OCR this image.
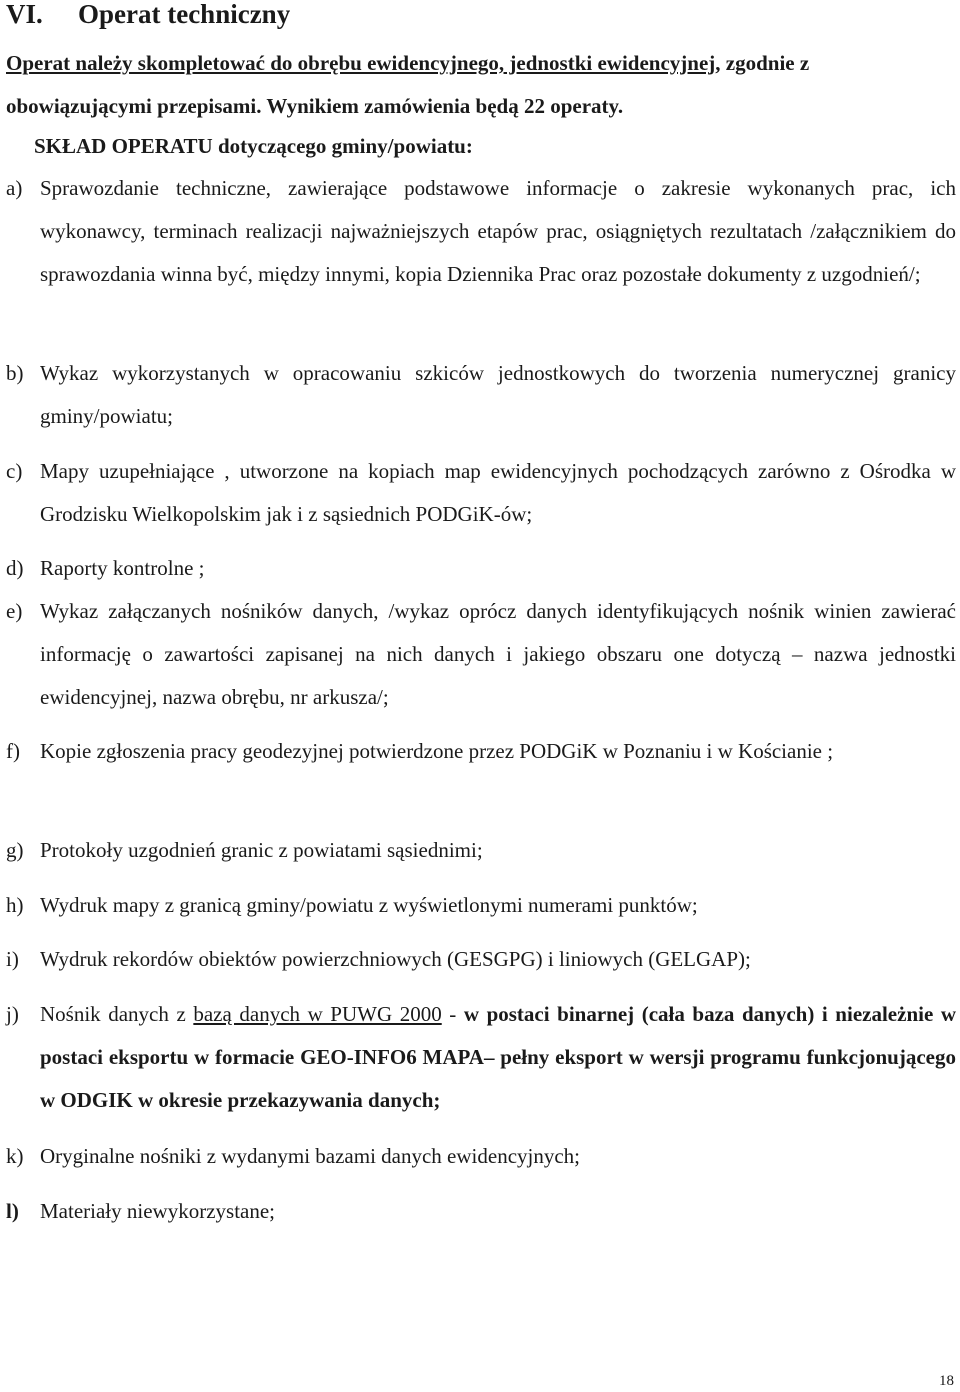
VI. Operat techniczny

Operat należy skompletować do obrębu ewidencyjnego, jednostki ewidencyjnej, zgodnie z obowiązującymi przepisami. Wynikiem zamówienia będą 22 operaty.

SKŁAD OPERATU dotyczącego gminy/powiatu:

a) Sprawozdanie techniczne, zawierające podstawowe informacje o zakresie wykonanych prac, ich wykonawcy, terminach realizacji najważniejszych etapów prac, osiągniętych rezultatach /załącznikiem do sprawozdania winna być, między innymi, kopia Dziennika Prac oraz pozostałe dokumenty z uzgodnień/;
b) Wykaz wykorzystanych w opracowaniu szkiców jednostkowych do tworzenia numerycznej granicy gminy/powiatu;
c) Mapy uzupełniające , utworzone na kopiach map ewidencyjnych pochodzących zarówno z Ośrodka w Grodzisku Wielkopolskim jak i z sąsiednich PODGiK-ów;
d) Raporty kontrolne ;
e) Wykaz załączanych nośników danych, /wykaz oprócz danych identyfikujących nośnik winien zawierać informację o zawartości zapisanej na nich danych i jakiego obszaru one dotyczą – nazwa jednostki ewidencyjnej, nazwa obrębu, nr arkusza/;
f) Kopie zgłoszenia pracy geodezyjnej potwierdzone przez PODGiK w Poznaniu i w Kościanie ;
g) Protokoły uzgodnień granic z powiatami sąsiednimi;
h) Wydruk mapy z granicą gminy/powiatu z wyświetlonymi numerami punktów;
i) Wydruk rekordów obiektów powierzchniowych (GESGPG) i liniowych (GELGAP);
j) Nośnik danych z bazą danych w PUWG 2000 - w postaci binarnej (cała baza danych) i niezależnie w postaci eksportu w formacie GEO-INFO6 MAPA– pełny eksport w wersji programu funkcjonującego w ODGIK w okresie przekazywania danych;
k) Oryginalne nośniki z wydanymi bazami danych ewidencyjnych;
l) Materiały niewykorzystane;
18
